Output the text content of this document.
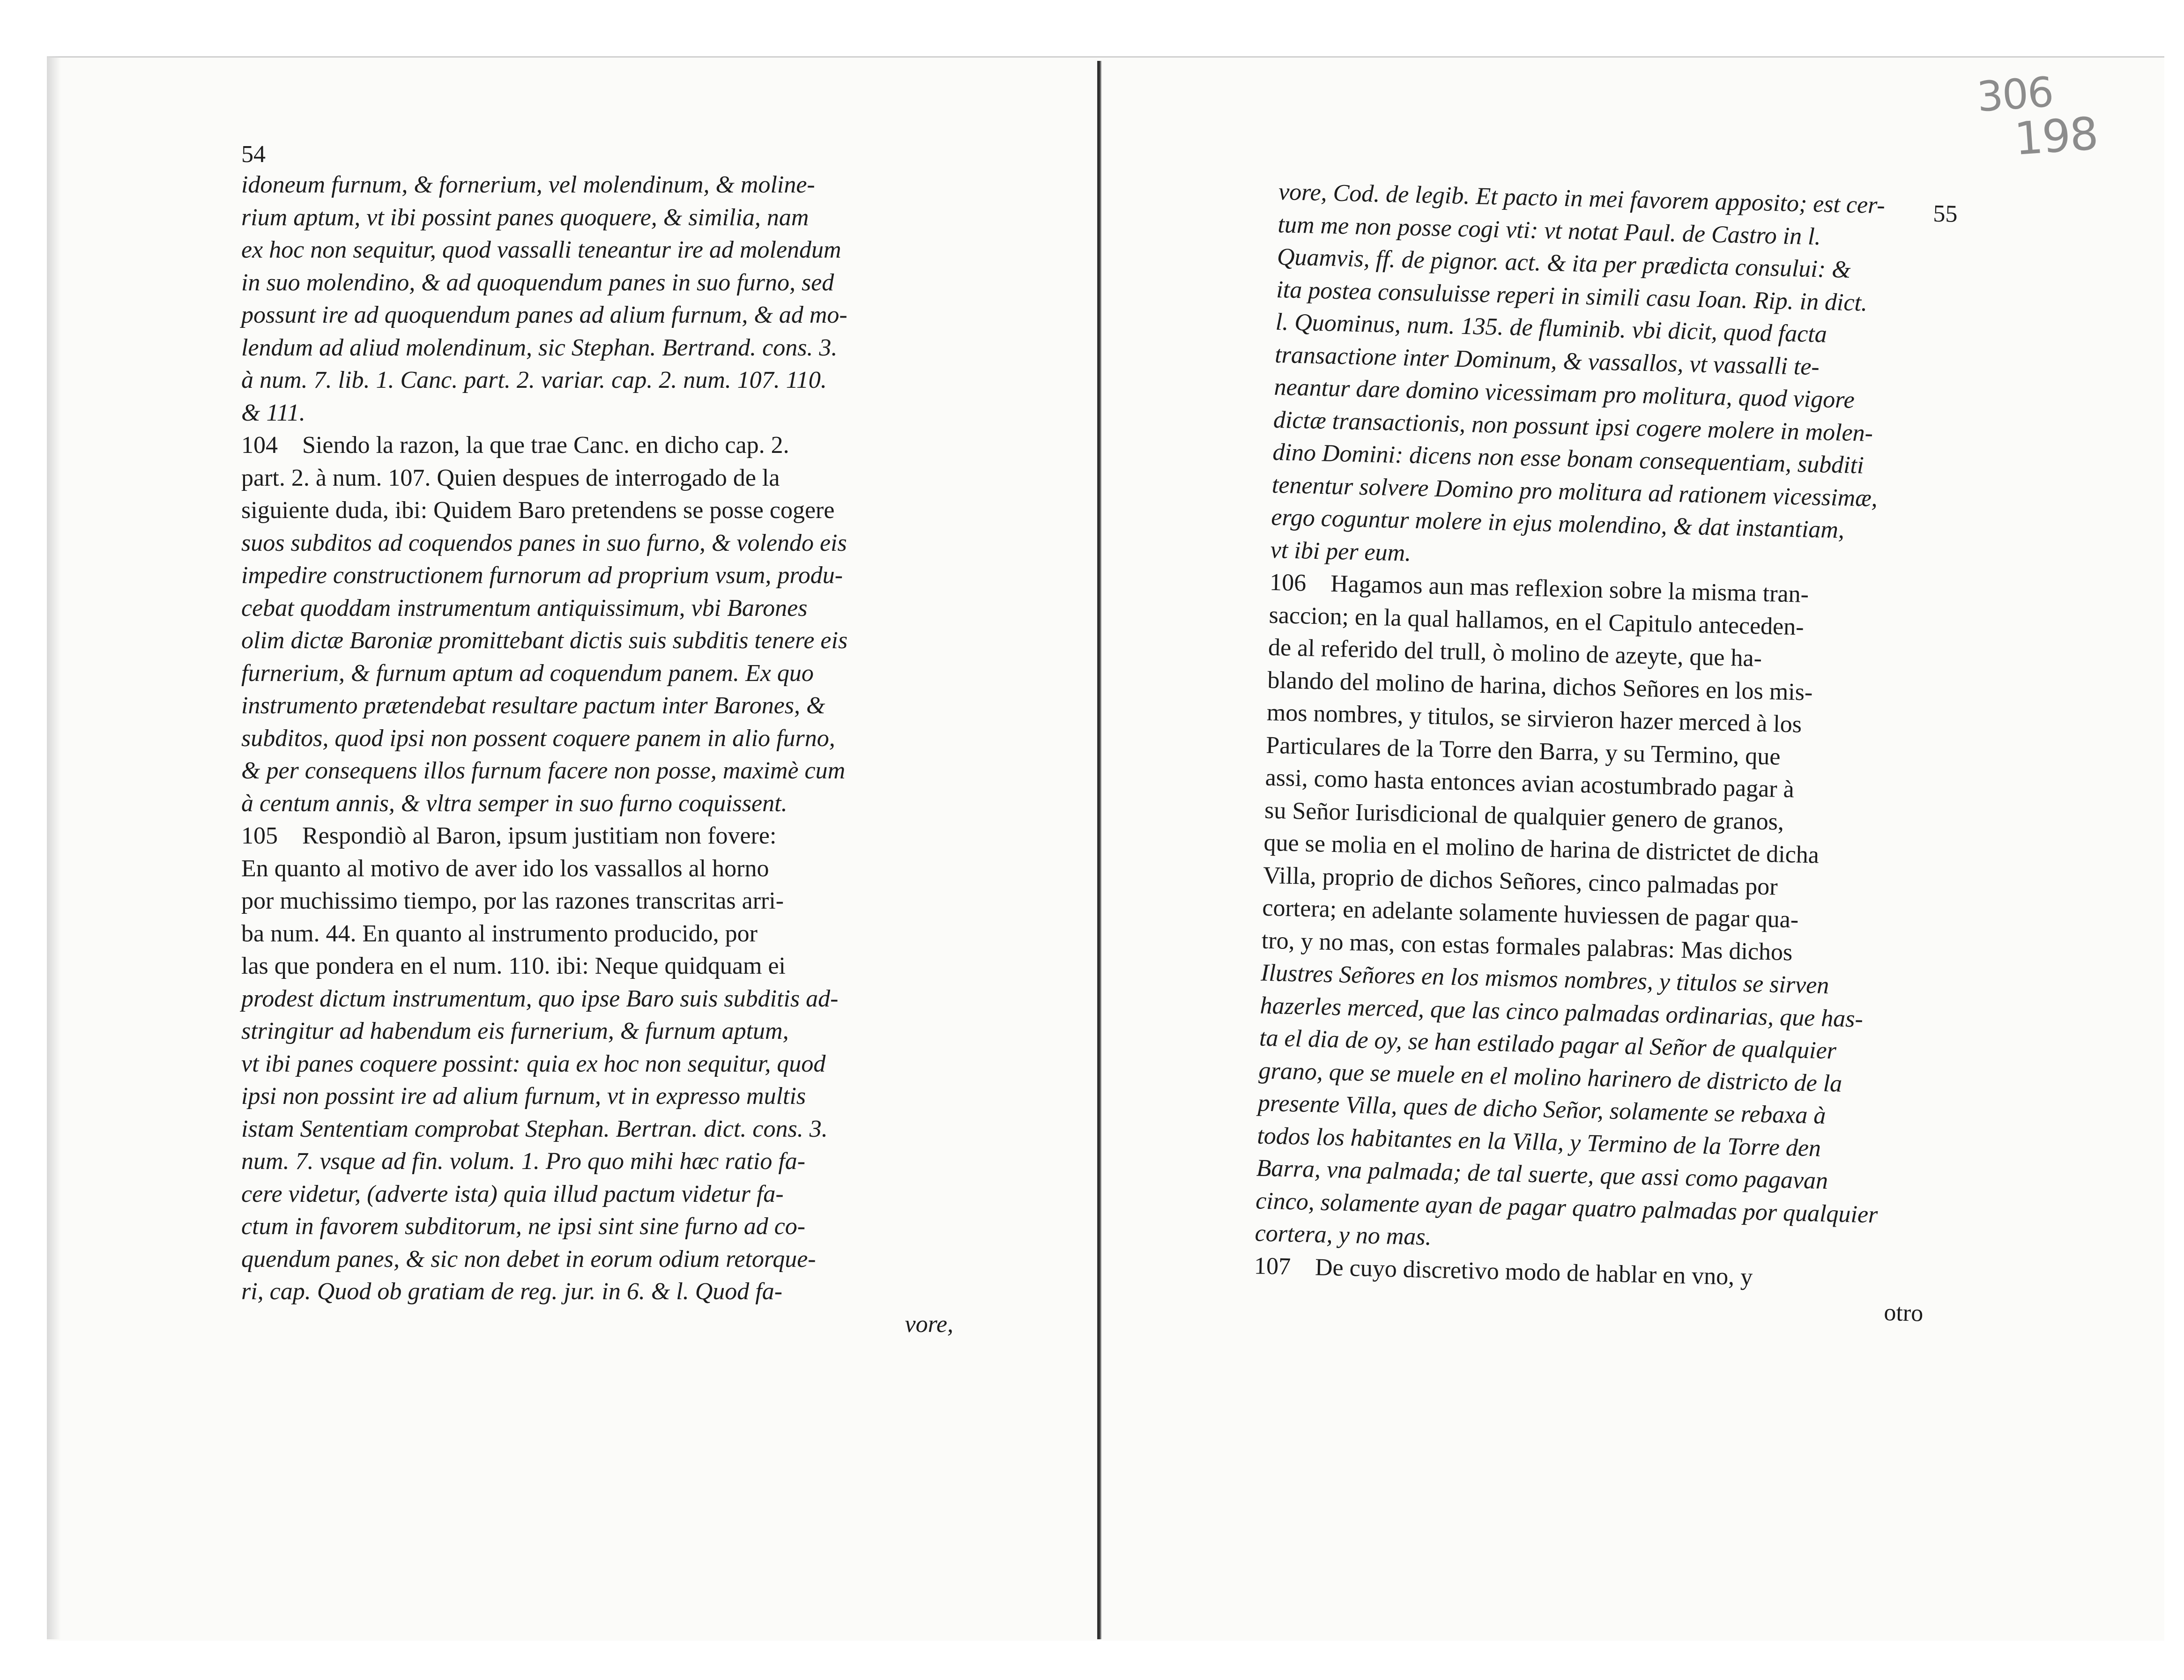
306
198

54

idoneum furnum, & fornerium, vel molendinum, & moline-
rium aptum, vt ibi possint panes quoquere, & similia, nam
ex hoc non sequitur, quod vassalli teneantur ire ad molendum
in suo molendino, & ad quoquendum panes in suo furno, sed
possunt ire ad quoquendum panes ad alium furnum, & ad mo-
lendum ad aliud molendinum, sic Stephan. Bertrand. cons. 3.
à num. 7. lib. 1. Canc. part. 2. variar. cap. 2. num. 107. 110.
& 111.
104 Siendo la razon, la que trae Canc. en dicho cap. 2.
part. 2. à num. 107. Quien despues de interrogado de la
siguiente duda, ibi: Quidem Baro pretendens se posse cogere
suos subditos ad coquendos panes in suo furno, & volendo eis
impedire constructionem furnorum ad proprium vsum, produ-
cebat quoddam instrumentum antiquissimum, vbi Barones
olim dictæ Baroniæ promittebant dictis suis subditis tenere eis
furnerium, & furnum aptum ad coquendum panem. Ex quo
instrumento prætendebat resultare pactum inter Barones, &
subditos, quod ipsi non possent coquere panem in alio furno,
& per consequens illos furnum facere non posse, maximè cum
à centum annis, & vltra semper in suo furno coquissent.
105 Respondiò al Baron, ipsum justitiam non fovere:
En quanto al motivo de aver ido los vassallos al horno
por muchissimo tiempo, por las razones transcritas arri-
ba num. 44. En quanto al instrumento producido, por
las que pondera en el num. 110. ibi: Neque quidquam ei
prodest dictum instrumentum, quo ipse Baro suis subditis ad-
stringitur ad habendum eis furnerium, & furnum aptum,
vt ibi panes coquere possint: quia ex hoc non sequitur, quod
ipsi non possint ire ad alium furnum, vt in expresso multis
istam Sententiam comprobat Stephan. Bertran. dict. cons. 3.
num. 7. vsque ad fin. volum. 1. Pro quo mihi hæc ratio fa-
cere videtur, (adverte ista) quia illud pactum videtur fa-
ctum in favorem subditorum, ne ipsi sint sine furno ad co-
quendum panes, & sic non debet in eorum odium retorque-
ri, cap. Quod ob gratiam de reg. jur. in 6. & l. Quod fa-

vore,

55

vore, Cod. de legib. Et pacto in mei favorem apposito; est cer-
tum me non posse cogi vti: vt notat Paul. de Castro in l.
Quamvis, ff. de pignor. act. & ita per prædicta consului: &
ita postea consuluisse reperi in simili casu Ioan. Rip. in dict.
l. Quominus, num. 135. de fluminib. vbi dicit, quod facta
transactione inter Dominum, & vassallos, vt vassalli te-
neantur dare domino vicessimam pro molitura, quod vigore
dictæ transactionis, non possunt ipsi cogere molere in molen-
dino Domini: dicens non esse bonam consequentiam, subditi
tenentur solvere Domino pro molitura ad rationem vicessimæ,
ergo coguntur molere in ejus molendino, & dat instantiam,
vt ibi per eum.
106 Hagamos aun mas reflexion sobre la misma tran-
saccion; en la qual hallamos, en el Capitulo anteceden-
de al referido del trull, ò molino de azeyte, que ha-
blando del molino de harina, dichos Señores en los mis-
mos nombres, y titulos, se sirvieron hazer merced à los
Particulares de la Torre den Barra, y su Termino, que
assi, como hasta entonces avian acostumbrado pagar à
su Señor Iurisdicional de qualquier genero de granos,
que se molia en el molino de harina de districtet de dicha
Villa, proprio de dichos Señores, cinco palmadas por
cortera; en adelante solamente huviessen de pagar qua-
tro, y no mas, con estas formales palabras: Mas dichos
Ilustres Señores en los mismos nombres, y titulos se sirven
hazerles merced, que las cinco palmadas ordinarias, que has-
ta el dia de oy, se han estilado pagar al Señor de qualquier
grano, que se muele en el molino harinero de districto de la
presente Villa, ques de dicho Señor, solamente se rebaxa à
todos los habitantes en la Villa, y Termino de la Torre den
Barra, vna palmada; de tal suerte, que assi como pagavan
cinco, solamente ayan de pagar quatro palmadas por qualquier
cortera, y no mas.
107 De cuyo discretivo modo de hablar en vno, y

otro
